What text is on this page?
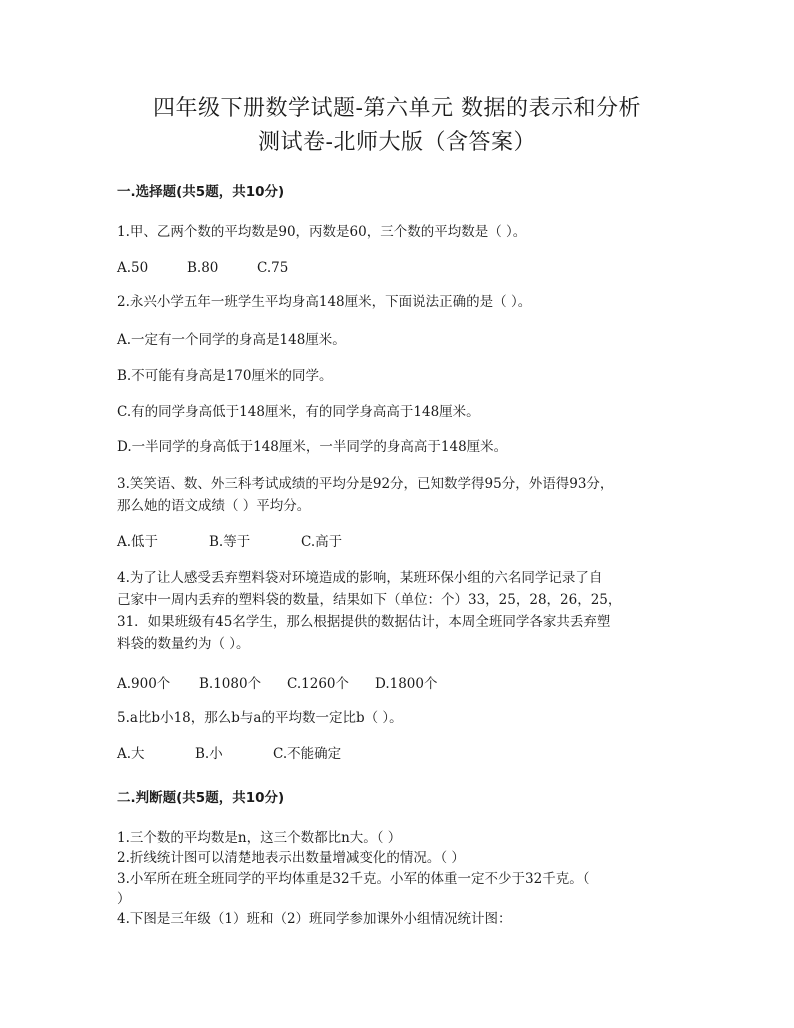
四年级下册数学试题-第六单元 数据的表示和分析
测试卷-北师大版（含答案）
一.选择题(共5题，共10分)
1.甲、乙两个数的平均数是90，丙数是60，三个数的平均数是（ ）。
A.50	B.80	C.75
2.永兴小学五年一班学生平均身高148厘米，下面说法正确的是（ ）。
A.一定有一个同学的身高是148厘米。
B.不可能有身高是170厘米的同学。
C.有的同学身高低于148厘米，有的同学身高高于148厘米。
D.一半同学的身高低于148厘米，一半同学的身高高于148厘米。
3.笑笑语、数、外三科考试成绩的平均分是92分，已知数学得95分，外语得93分，
那么她的语文成绩（ ）平均分。
A.低于	B.等于	C.高于
4.为了让人感受丢弃塑料袋对环境造成的影响，某班环保小组的六名同学记录了自
己家中一周内丢弃的塑料袋的数量，结果如下（单位：个）33，25，28，26，25，
31．如果班级有45名学生，那么根据提供的数据估计，本周全班同学各家共丢弃塑
料袋的数量约为（ ）。
A.900个 B.1080个 C.1260个 D.1800个
5.a比b小18，那么b与a的平均数一定比b（ ）。
A.大	B.小	C.不能确定
二.判断题(共5题，共10分)
1.三个数的平均数是n，这三个数都比n大。（ ）
2.折线统计图可以清楚地表示出数量增减变化的情况。（ ）
3.小军所在班全班同学的平均体重是32千克。小军的体重一定不少于32千克。（
）
4.下图是三年级（1）班和（2）班同学参加课外小组情况统计图：
